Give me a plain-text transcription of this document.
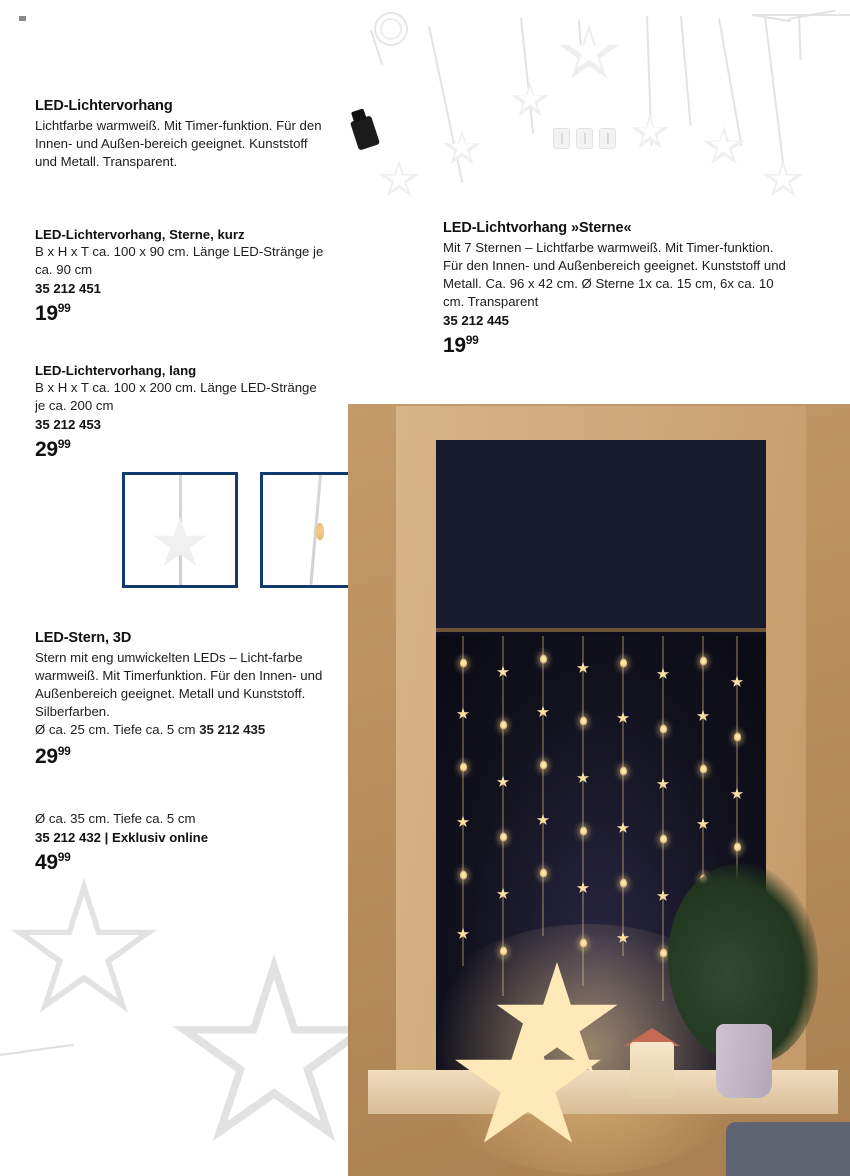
LED-Lichtervorhang
Lichtfarbe warmweiß. Mit Timer-funktion. Für den Innen- und Außen-bereich geeignet. Kunststoff und Metall. Transparent.
LED-Lichtervorhang, Sterne, kurz
B x H x T ca. 100 x 90 cm. Länge LED-Stränge je ca. 90 cm
35 212 451
$19^{99}$
LED-Lichtervorhang, lang
B x H x T ca. 100 x 200 cm. Länge LED-Stränge je ca. 200 cm
35 212 453
$29^{99}$
LED-Lichtvorhang »Sterne«
Mit 7 Sternen – Lichtfarbe warmweiß. Mit Timer-funktion. Für den Innen- und Außenbereich geeignet. Kunststoff und Metall. Ca. 96 x 42 cm. Ø Sterne 1x ca. 15 cm, 6x ca. 10 cm. Transparent
35 212 445
$19^{99}$
LED-Stern, 3D
Stern mit eng umwickelten LEDs – Licht-farbe warmweiß. Mit Timerfunktion. Für den Innen- und Außenbereich geeignet. Metall und Kunststoff. Silberfarben.
Ø ca. 25 cm. Tiefe ca. 5 cm 35 212 435
$29^{99}$
Ø ca. 35 cm. Tiefe ca. 5 cm
35 212 432 | Exklusiv online
$49^{99}$
